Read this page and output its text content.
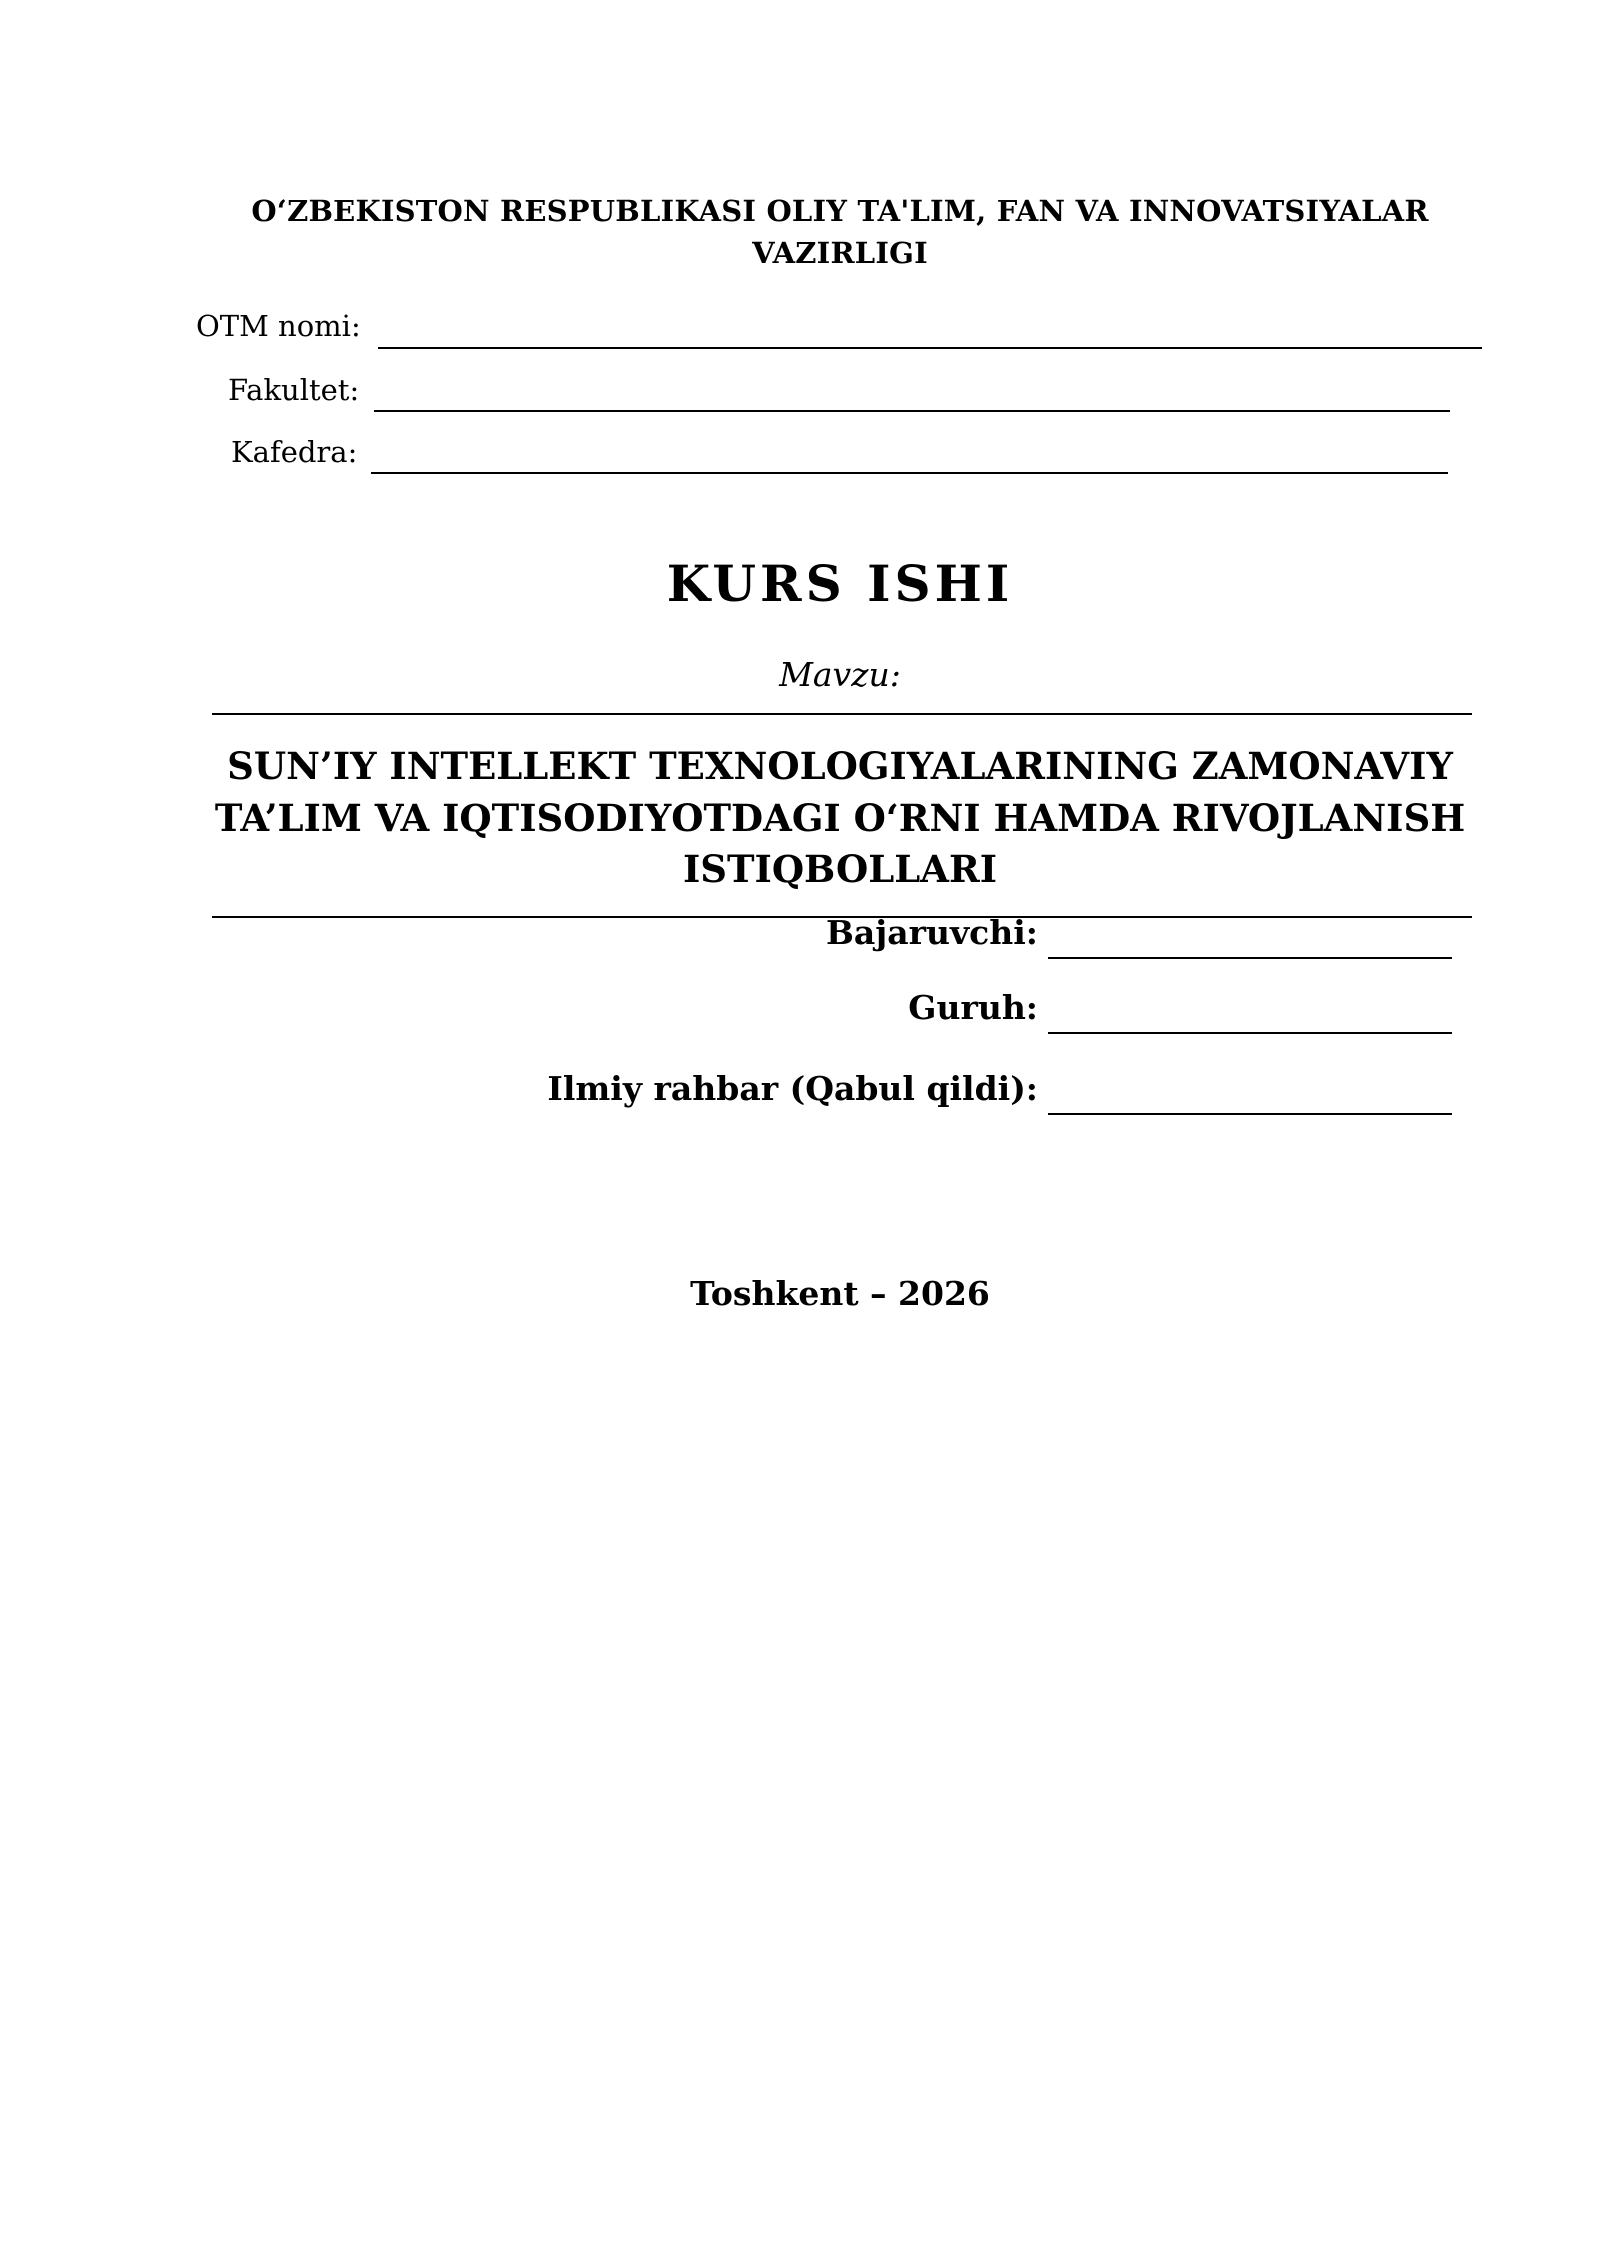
O‘ZBEKISTON RESPUBLIKASI OLIY TA'LIM, FAN VA INNOVATSIYALAR
VAZIRLIGI
OTM nomi:
Fakultet:
Kafedra:
KURS ISHI
Mavzu:
SUN’IY INTELLEKT TEXNOLOGIYALARINING ZAMONAVIY
TA’LIM VA IQTISODIYOTDAGI O‘RNI HAMDA RIVOJLANISH
ISTIQBOLLARI
Bajaruvchi:
Guruh:
Ilmiy rahbar (Qabul qildi):
Toshkent – 2026
